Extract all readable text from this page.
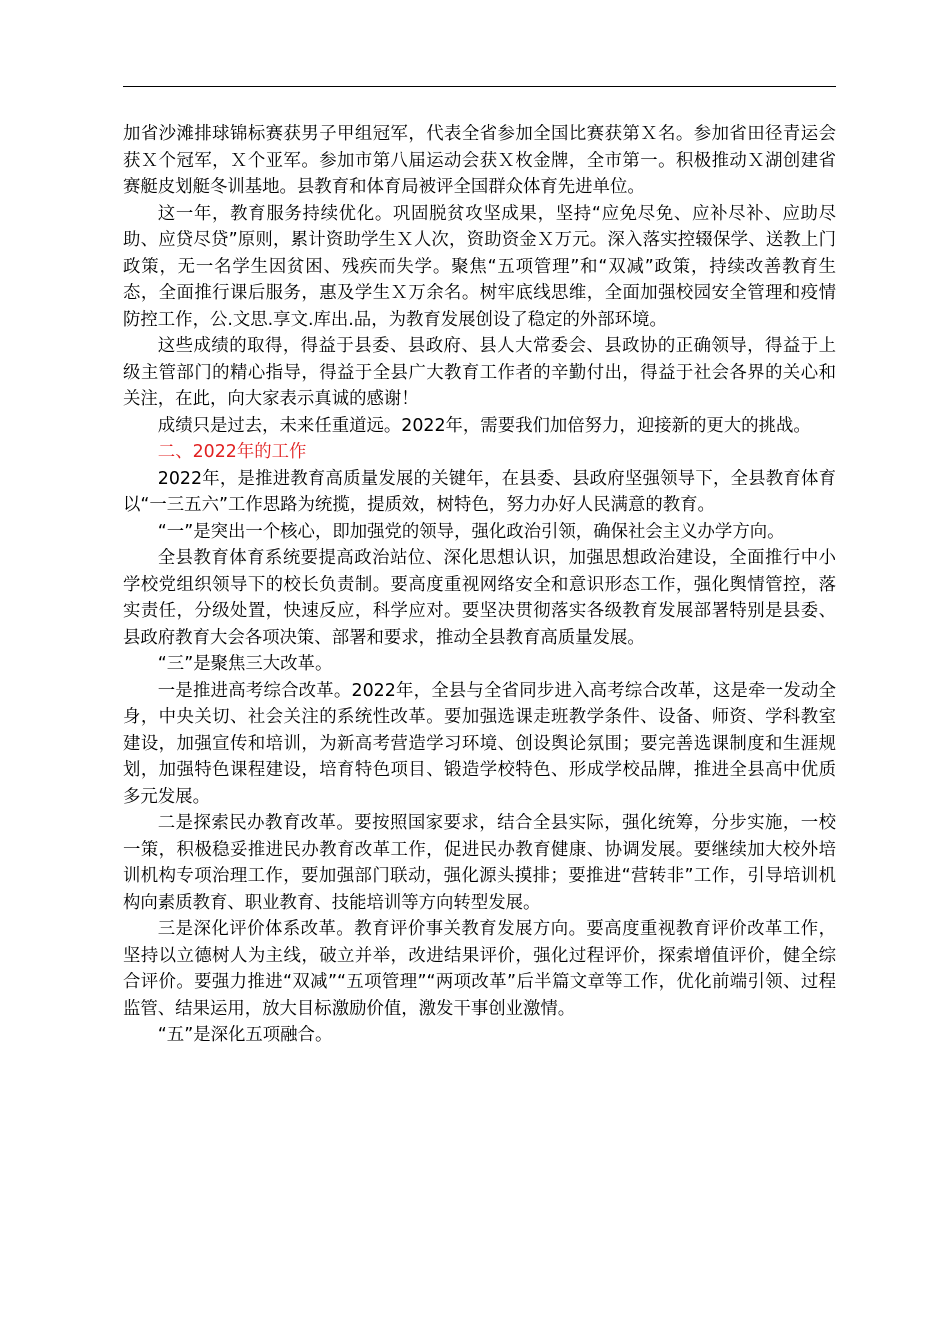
加省沙滩排球锦标赛获男子甲组冠军，代表全省参加全国比赛获第Ｘ名。参加省田径青运会获Ｘ个冠军，Ｘ个亚军。参加市第八届运动会获Ｘ枚金牌，全市第一。积极推动Ｘ湖创建省赛艇皮划艇冬训基地。县教育和体育局被评全国群众体育先进单位。

这一年，教育服务持续优化。巩固脱贫攻坚成果，坚持“应免尽免、应补尽补、应助尽助、应贷尽贷”原则，累计资助学生Ｘ人次，资助资金Ｘ万元。深入落实控辍保学、送教上门政策，无一名学生因贫困、残疾而失学。聚焦“五项管理”和“双减”政策，持续改善教育生态，全面推行课后服务，惠及学生Ｘ万余名。树牢底线思维，全面加强校园安全管理和疫情防控工作，公.文思.享文.库出.品，为教育发展创设了稳定的外部环境。

这些成绩的取得，得益于县委、县政府、县人大常委会、县政协的正确领导，得益于上级主管部门的精心指导，得益于全县广大教育工作者的辛勤付出，得益于社会各界的关心和关注，在此，向大家表示真诚的感谢！

成绩只是过去，未来任重道远。2022年，需要我们加倍努力，迎接新的更大的挑战。

二、2022年的工作

2022年，是推进教育高质量发展的关键年，在县委、县政府坚强领导下，全县教育体育以“一三五六”工作思路为统揽，提质效，树特色，努力办好人民满意的教育。

“一”是突出一个核心，即加强党的领导，强化政治引领，确保社会主义办学方向。

全县教育体育系统要提高政治站位、深化思想认识，加强思想政治建设，全面推行中小学校党组织领导下的校长负责制。要高度重视网络安全和意识形态工作，强化舆情管控，落实责任，分级处置，快速反应，科学应对。要坚决贯彻落实各级教育发展部署特别是县委、县政府教育大会各项决策、部署和要求，推动全县教育高质量发展。

“三”是聚焦三大改革。

一是推进高考综合改革。2022年，全县与全省同步进入高考综合改革，这是牵一发动全身，中央关切、社会关注的系统性改革。要加强选课走班教学条件、设备、师资、学科教室建设，加强宣传和培训，为新高考营造学习环境、创设舆论氛围；要完善选课制度和生涯规划，加强特色课程建设，培育特色项目、锻造学校特色、形成学校品牌，推进全县高中优质多元发展。

二是探索民办教育改革。要按照国家要求，结合全县实际，强化统筹，分步实施，一校一策，积极稳妥推进民办教育改革工作，促进民办教育健康、协调发展。要继续加大校外培训机构专项治理工作，要加强部门联动，强化源头摸排；要推进“营转非”工作，引导培训机构向素质教育、职业教育、技能培训等方向转型发展。

三是深化评价体系改革。教育评价事关教育发展方向。要高度重视教育评价改革工作，坚持以立德树人为主线，破立并举，改进结果评价，强化过程评价，探索增值评价，健全综合评价。要强力推进“双减”“五项管理”“两项改革”后半篇文章等工作，优化前端引领、过程监管、结果运用，放大目标激励价值，激发干事创业激情。

“五”是深化五项融合。
